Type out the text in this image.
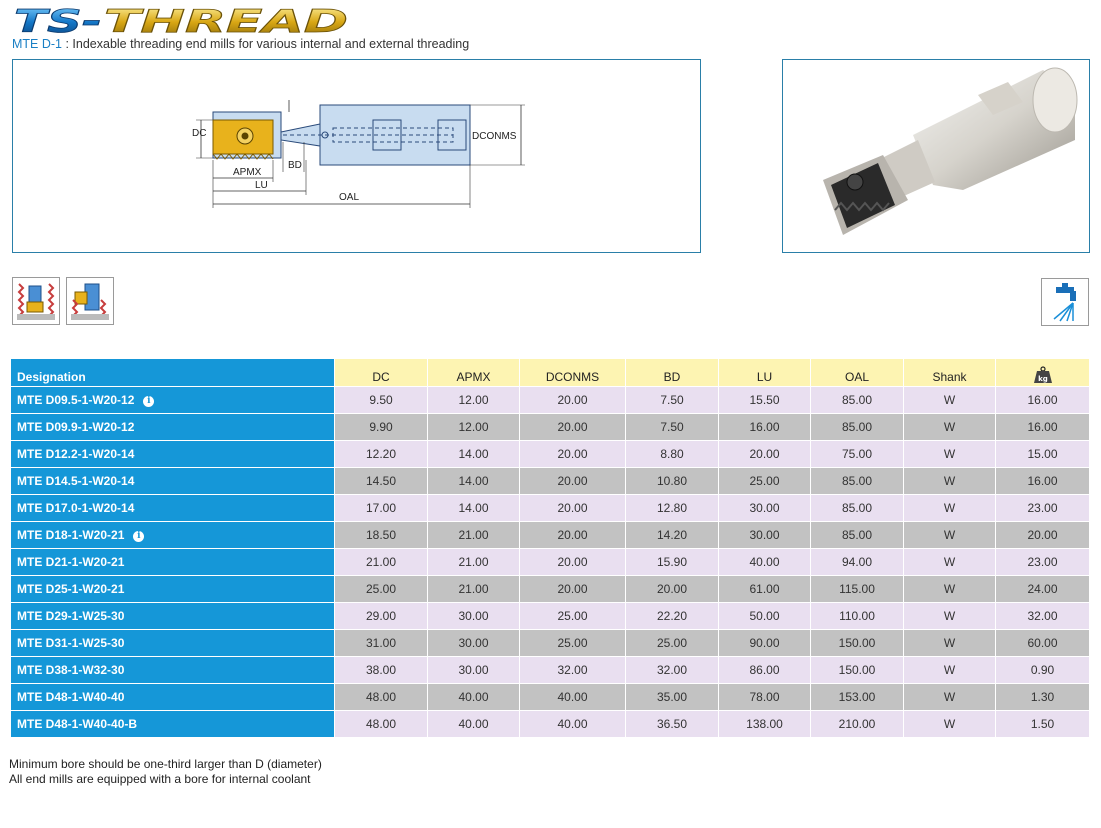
TS- THREAD
MTE D-1 : Indexable threading end mills for various internal and external threading
DC
APMX
BD
LU
OAL
DCONMS
Designation	DC	APMX	DCONMS	BD	LU	OAL	Shank	kg

MTE D09.5-1-W20-12 i	9.50	12.00	20.00	7.50	15.50	85.00	W	16.00
MTE D09.9-1-W20-12	9.90	12.00	20.00	7.50	16.00	85.00	W	16.00
MTE D12.2-1-W20-14	12.20	14.00	20.00	8.80	20.00	75.00	W	15.00
MTE D14.5-1-W20-14	14.50	14.00	20.00	10.80	25.00	85.00	W	16.00
MTE D17.0-1-W20-14	17.00	14.00	20.00	12.80	30.00	85.00	W	23.00
MTE D18-1-W20-21 i	18.50	21.00	20.00	14.20	30.00	85.00	W	20.00
MTE D21-1-W20-21	21.00	21.00	20.00	15.90	40.00	94.00	W	23.00
MTE D25-1-W20-21	25.00	21.00	20.00	20.00	61.00	115.00	W	24.00
MTE D29-1-W25-30	29.00	30.00	25.00	22.20	50.00	110.00	W	32.00
MTE D31-1-W25-30	31.00	30.00	25.00	25.00	90.00	150.00	W	60.00
MTE D38-1-W32-30	38.00	30.00	32.00	32.00	86.00	150.00	W	0.90
MTE D48-1-W40-40	48.00	40.00	40.00	35.00	78.00	153.00	W	1.30
MTE D48-1-W40-40-B	48.00	40.00	40.00	36.50	138.00	210.00	W	1.50
Minimum bore should be one-third larger than D (diameter)
All end mills are equipped with a bore for internal coolant
